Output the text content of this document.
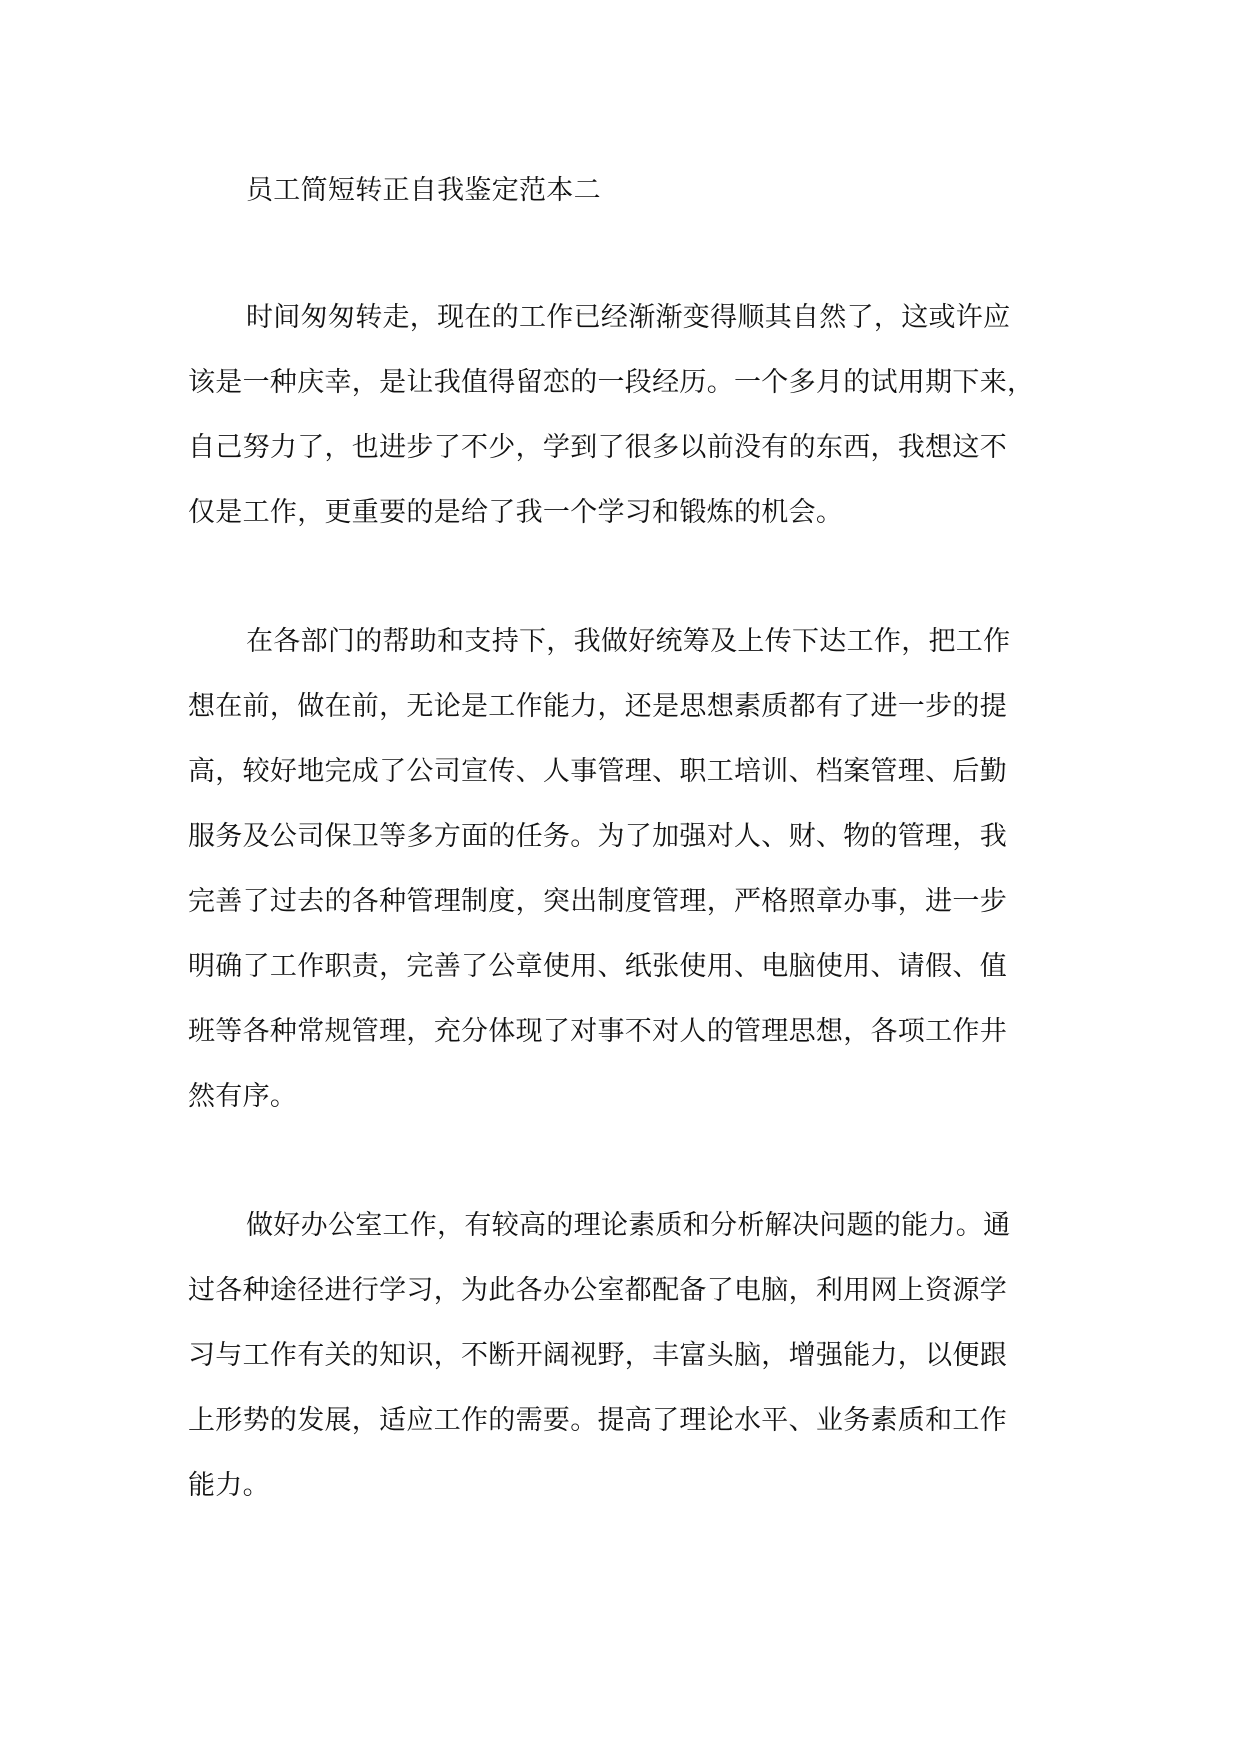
员工简短转正自我鉴定范本二
时间匆匆转走，现在的工作已经渐渐变得顺其自然了，这或许应
该是一种庆幸，是让我值得留恋的一段经历。一个多月的试用期下来，
自己努力了，也进步了不少，学到了很多以前没有的东西，我想这不
仅是工作，更重要的是给了我一个学习和锻炼的机会。
在各部门的帮助和支持下，我做好统筹及上传下达工作，把工作
想在前，做在前，无论是工作能力，还是思想素质都有了进一步的提
高，较好地完成了公司宣传、人事管理、职工培训、档案管理、后勤
服务及公司保卫等多方面的任务。为了加强对人、财、物的管理，我
完善了过去的各种管理制度，突出制度管理，严格照章办事，进一步
明确了工作职责，完善了公章使用、纸张使用、电脑使用、请假、值
班等各种常规管理，充分体现了对事不对人的管理思想，各项工作井
然有序。
做好办公室工作，有较高的理论素质和分析解决问题的能力。通
过各种途径进行学习，为此各办公室都配备了电脑，利用网上资源学
习与工作有关的知识，不断开阔视野，丰富头脑，增强能力，以便跟
上形势的发展，适应工作的需要。提高了理论水平、业务素质和工作
能力。
